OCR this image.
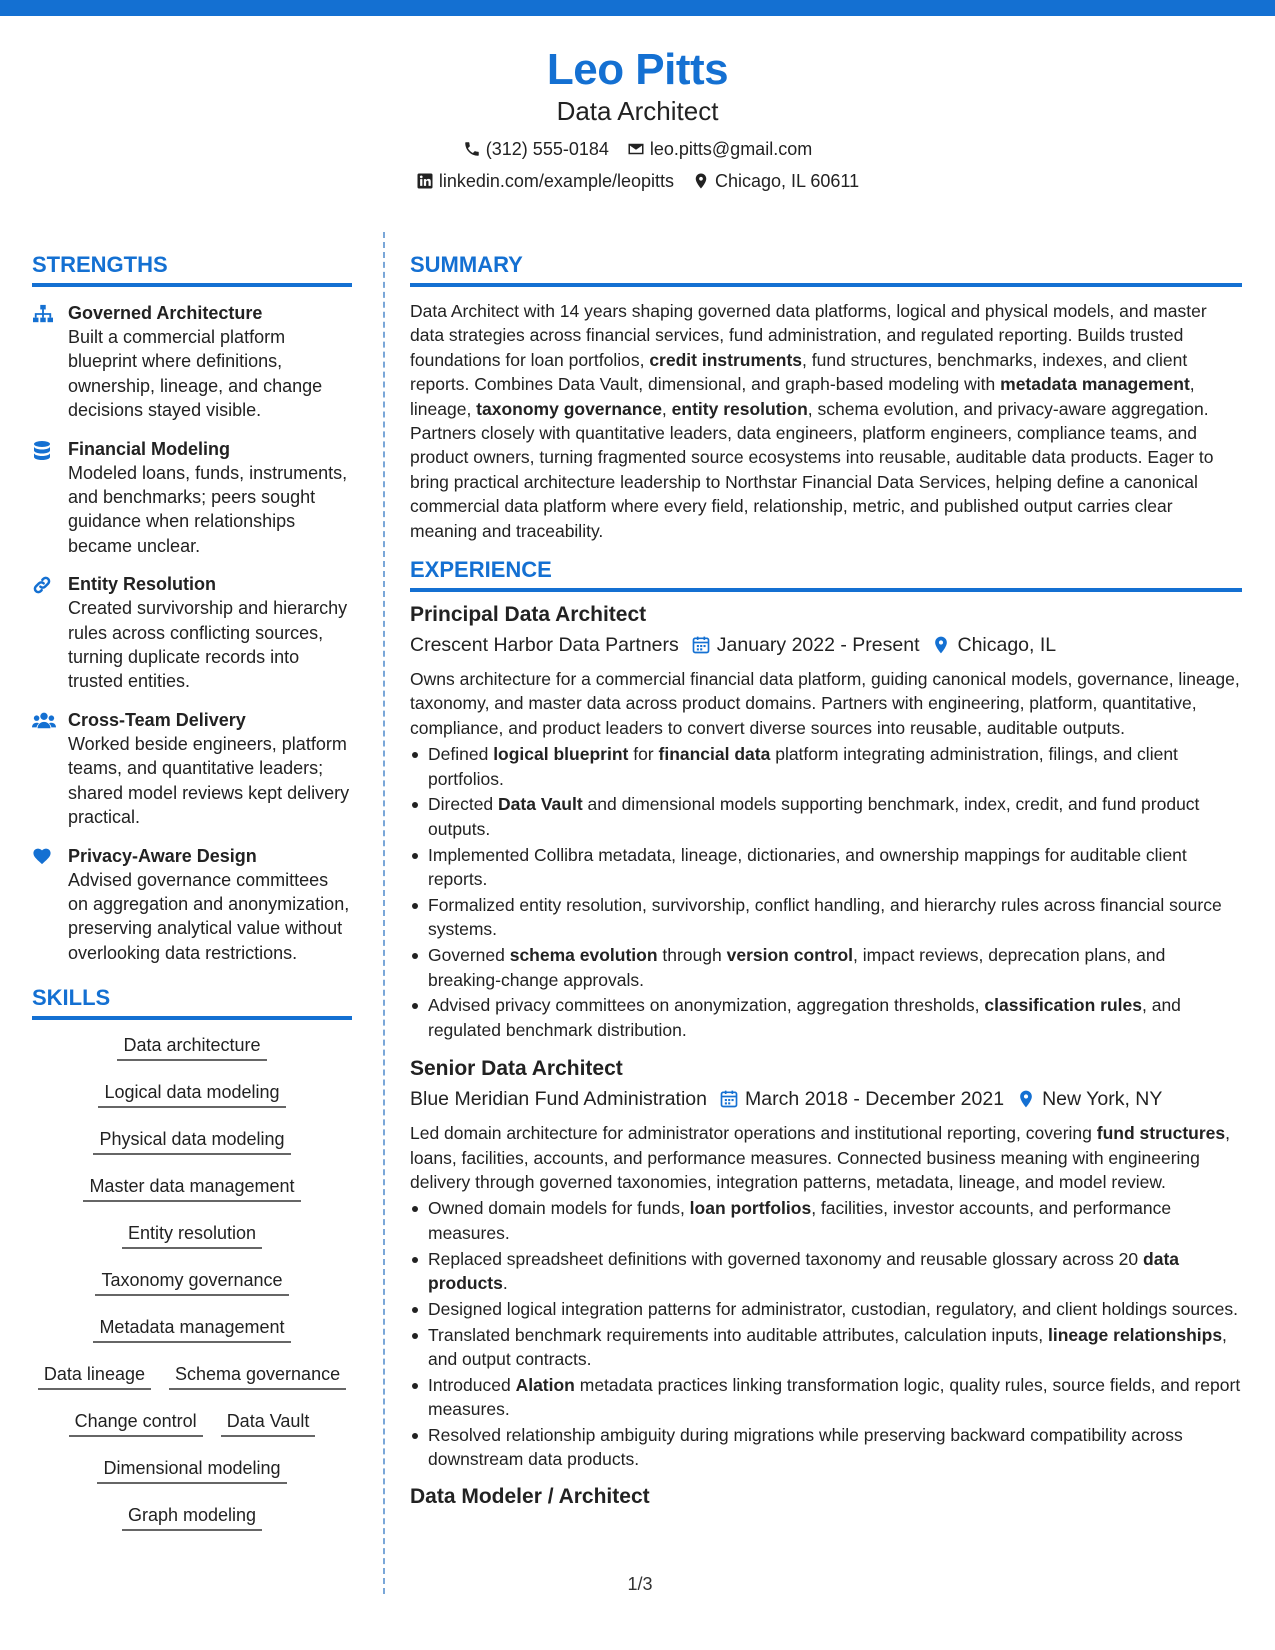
Leo Pitts
Data Architect
(312) 555-0184 leo.pitts@gmail.com
linkedin.com/example/leopitts Chicago, IL 60611
STRENGTHS
Governed Architecture
Built a commercial platform blueprint where definitions, ownership, lineage, and change decisions stayed visible.
Financial Modeling
Modeled loans, funds, instruments, and benchmarks; peers sought guidance when relationships became unclear.
Entity Resolution
Created survivorship and hierarchy rules across conflicting sources, turning duplicate records into trusted entities.
Cross-Team Delivery
Worked beside engineers, platform teams, and quantitative leaders; shared model reviews kept delivery practical.
Privacy-Aware Design
Advised governance committees on aggregation and anonymization, preserving analytical value without overlooking data restrictions.
SKILLS
Data architecture
Logical data modeling
Physical data modeling
Master data management
Entity resolution
Taxonomy governance
Metadata management
Data lineage	Schema governance
Change control	Data Vault
Dimensional modeling
Graph modeling
SUMMARY
Data Architect with 14 years shaping governed data platforms, logical and physical models, and master data strategies across financial services, fund administration, and regulated reporting. Builds trusted foundations for loan portfolios, credit instruments, fund structures, benchmarks, indexes, and client reports. Combines Data Vault, dimensional, and graph-based modeling with metadata management, lineage, taxonomy governance, entity resolution, schema evolution, and privacy-aware aggregation. Partners closely with quantitative leaders, data engineers, platform engineers, compliance teams, and product owners, turning fragmented source ecosystems into reusable, auditable data products. Eager to bring practical architecture leadership to Northstar Financial Data Services, helping define a canonical commercial data platform where every field, relationship, metric, and published output carries clear meaning and traceability.
EXPERIENCE
Principal Data Architect
Crescent Harbor Data Partners January 2022 - Present Chicago, IL
Owns architecture for a commercial financial data platform, guiding canonical models, governance, lineage, taxonomy, and master data across product domains. Partners with engineering, platform, quantitative, compliance, and product leaders to convert diverse sources into reusable, auditable outputs.
Defined logical blueprint for financial data platform integrating administration, filings, and client portfolios.
Directed Data Vault and dimensional models supporting benchmark, index, credit, and fund product outputs.
Implemented Collibra metadata, lineage, dictionaries, and ownership mappings for auditable client reports.
Formalized entity resolution, survivorship, conflict handling, and hierarchy rules across financial source systems.
Governed schema evolution through version control, impact reviews, deprecation plans, and breaking-change approvals.
Advised privacy committees on anonymization, aggregation thresholds, classification rules, and regulated benchmark distribution.
Senior Data Architect
Blue Meridian Fund Administration March 2018 - December 2021 New York, NY
Led domain architecture for administrator operations and institutional reporting, covering fund structures, loans, facilities, accounts, and performance measures. Connected business meaning with engineering delivery through governed taxonomies, integration patterns, metadata, lineage, and model review.
Owned domain models for funds, loan portfolios, facilities, investor accounts, and performance measures.
Replaced spreadsheet definitions with governed taxonomy and reusable glossary across 20 data products.
Designed logical integration patterns for administrator, custodian, regulatory, and client holdings sources.
Translated benchmark requirements into auditable attributes, calculation inputs, lineage relationships, and output contracts.
Introduced Alation metadata practices linking transformation logic, quality rules, source fields, and report measures.
Resolved relationship ambiguity during migrations while preserving backward compatibility across downstream data products.
Data Modeler / Architect
1/3
